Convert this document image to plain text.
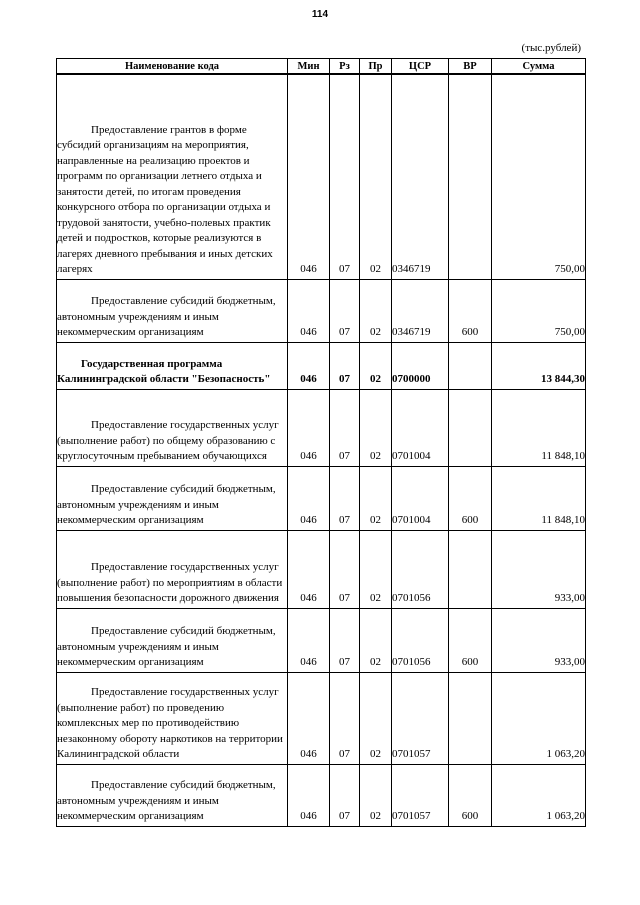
114
(тыс.рублей)
Наименование кода	Мин	Рз	Пр	ЦСР	ВР	Сумма

Предоставление грантов в форме субсидий организациям на мероприятия, направленные на реализацию проектов и программ по организации летнего отдыха и занятости детей, по итогам проведения конкурсного отбора по организации отдыха и трудовой занятости, учебно-полевых практик детей и подростков, которые реализуются в лагерях дневного пребывания и иных детских лагерях	046	07	02	0346719		750,00

Предоставление субсидий бюджетным, автономным учреждениям и иным некоммерческим организациям	046	07	02	0346719	600	750,00

Государственная программа Калининградской области "Безопасность"	046	07	02	0700000		13 844,30

Предоставление государственных услуг (выполнение работ) по общему образованию с круглосуточным пребыванием обучающихся	046	07	02	0701004		11 848,10

Предоставление субсидий бюджетным, автономным учреждениям и иным некоммерческим организациям	046	07	02	0701004	600	11 848,10

Предоставление государственных услуг (выполнение работ) по мероприятиям в области повышения безопасности дорожного движения	046	07	02	0701056		933,00

Предоставление субсидий бюджетным, автономным учреждениям и иным некоммерческим организациям	046	07	02	0701056	600	933,00

Предоставление государственных услуг (выполнение работ) по проведению комплексных мер по противодействию незаконному обороту наркотиков на территории Калининградской области	046	07	02	0701057		1 063,20

Предоставление субсидий бюджетным, автономным учреждениям и иным некоммерческим организациям	046	07	02	0701057	600	1 063,20
